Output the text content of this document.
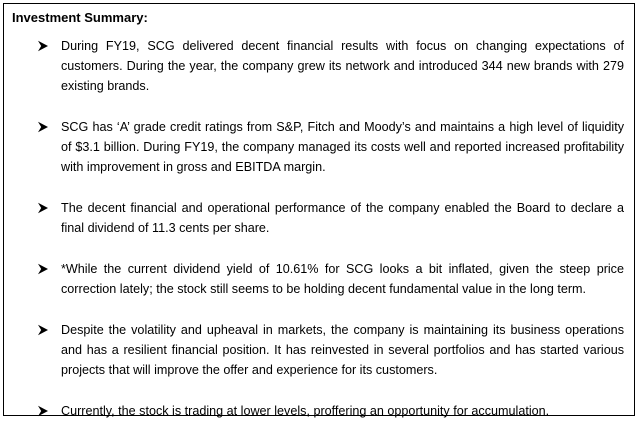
Investment Summary:
During FY19, SCG delivered decent financial results with focus on changing expectations of customers. During the year, the company grew its network and introduced 344 new brands with 279 existing brands.
SCG has ‘A’ grade credit ratings from S&P, Fitch and Moody’s and maintains a high level of liquidity of $3.1 billion. During FY19, the company managed its costs well and reported increased profitability with improvement in gross and EBITDA margin.
The decent financial and operational performance of the company enabled the Board to declare a final dividend of 11.3 cents per share.
*While the current dividend yield of 10.61% for SCG looks a bit inflated, given the steep price correction lately; the stock still seems to be holding decent fundamental value in the long term.
Despite the volatility and upheaval in markets, the company is maintaining its business operations and has a resilient financial position. It has reinvested in several portfolios and has started various projects that will improve the offer and experience for its customers.
Currently, the stock is trading at lower levels, proffering an opportunity for accumulation.
